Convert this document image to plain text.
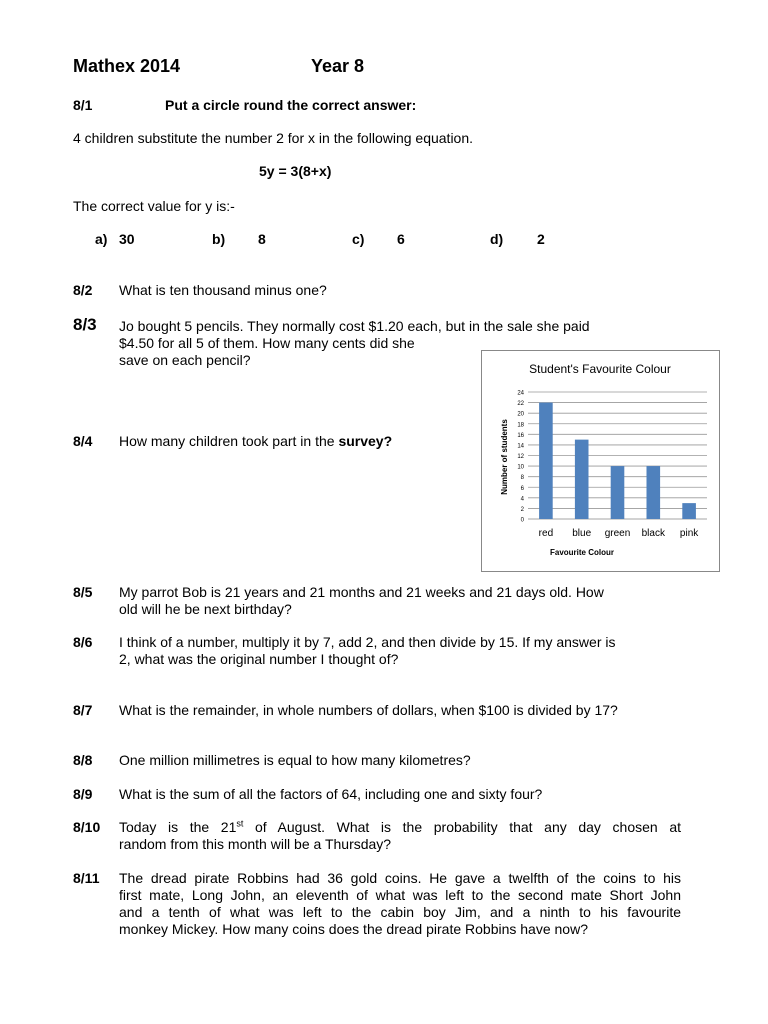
Mathex 2014	Year 8
8/1	Put a circle round the correct answer:
4 children substitute the number 2 for x in the following equation.
5y = 3(8+x)
The correct value for y is:-
a) 30	b) 8	c) 6	d) 2
8/2 What is ten thousand minus one?
8/3 Jo bought 5 pencils. They normally cost $1.20 each, but in the sale she paid
$4.50 for all 5 of them. How many cents did she
save on each pencil?
8/4 How many children took part in the survey?
Student's Favourite Colour
Favourite Colour
Number of students
0
2
4
6
8
10
12
14
16
18
20
22
24
red blue green black pink
8/5 My parrot Bob is 21 years and 21 months and 21 weeks and 21 days old. How
old will he be next birthday?
8/6 I think of a number, multiply it by 7, add 2, and then divide by 15. If my answer is
2, what was the original number I thought of?
8/7 What is the remainder, in whole numbers of dollars, when $100 is divided by 17?
8/8 One million millimetres is equal to how many kilometres?
8/9 What is the sum of all the factors of 64, including one and sixty four?
8/10 Today is the 21st of August. What is the probability that any day chosen at
random from this month will be a Thursday?
8/11 The dread pirate Robbins had 36 gold coins. He gave a twelfth of the coins to his
first mate, Long John, an eleventh of what was left to the second mate Short John
and a tenth of what was left to the cabin boy Jim, and a ninth to his favourite
monkey Mickey. How many coins does the dread pirate Robbins have now?
